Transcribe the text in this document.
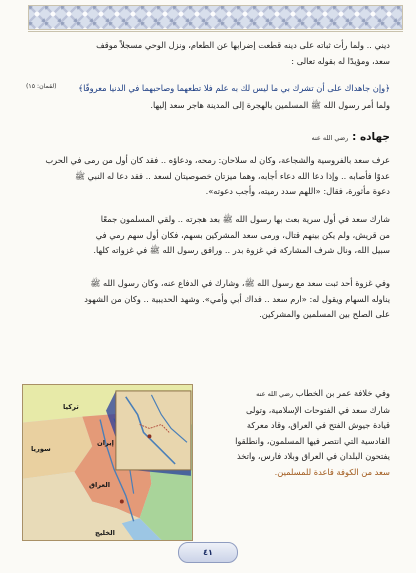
ديني .. ولما رأت ثباته على دينه قطعت إضرابها عن الطعام، ونزل الوحي مسجلاً موقف
سعد، ومؤيدًا له بقوله تعالى :

﴿وإن جاهداك على أن تشرك بي ما ليس لك به علم فلا تطعهما وصاحبهما في الدنيا معروفًا﴾

(لقمان: ١٥)

ولما أمر رسول الله ﷺ المسلمين بالهجرة إلى المدينة هاجر سعد إليها.

جهاده : رضي الله عنه

عرف سعد بالفروسية والشجاعة، وكان له سلاحان: رمحه، ودعاؤه .. فقد كان أول من رمى في الحرب
عدوًا فأصابه .. وإذا دعا الله دعاء أجابه، وهما ميزتان خصوصيتان لسعد .. فقد دعا له النبي ﷺ
دعوة مأثورة، فقال: «اللهم سدد رميته، وأجب دعوته».

شارك سعد في أول سرية بعث بها رسول الله ﷺ بعد هجرته .. ولقي المسلمون جمعًا
من قريش، ولم يكن بينهم قتال، ورمى سعد المشركين بسهم، فكان أول سهم رمي في
سبيل الله، ونال شرف المشاركة في غزوة بدر .. ورافق رسول الله ﷺ في غزواته كلها.

وفي غزوة أحد ثبت سعد مع رسول الله ﷺ، وشارك في الدفاع عنه، وكان رسول الله ﷺ
يناوله السهام ويقول له: «ارم سعد .. فداك أبي وأمي». وشهد الحديبية .. وكان من الشهود
على الصلح بين المسلمين والمشركين.

وفي خلافة عمر بن الخطاب رضي الله عنه
شارك سعد في الفتوحات الإسلامية، وتولى
قيادة جيوش الفتح في العراق، وقاد معركة
القادسية التي انتصر فيها المسلمون، وانطلقوا
يفتحون البلدان في العراق وبلاد فارس، واتخذ
سعد من الكوفة قاعدة للمسلمين.

تركيا
سوريا
إيران
العراق
الخليج
٤١
